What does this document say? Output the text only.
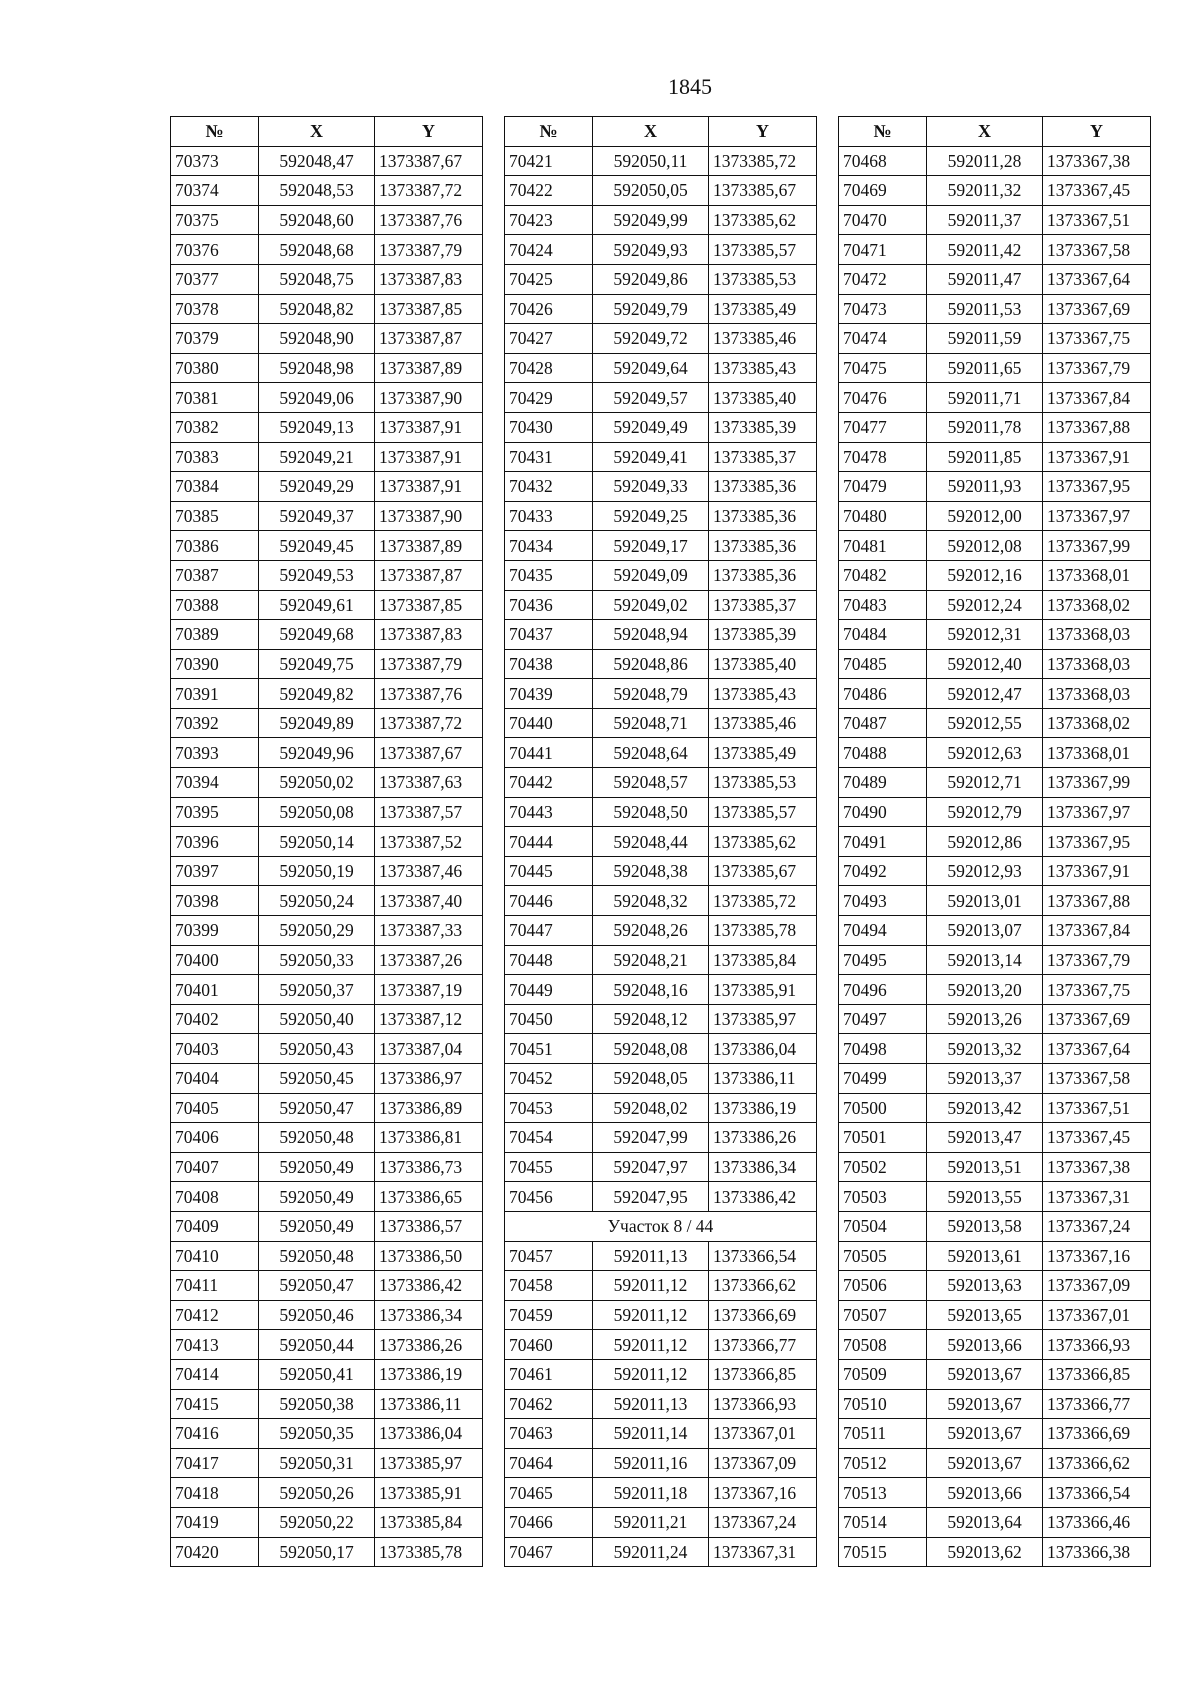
1845
№	X	Y
70373	592048,47	1373387,67
70374	592048,53	1373387,72
70375	592048,60	1373387,76
70376	592048,68	1373387,79
70377	592048,75	1373387,83
70378	592048,82	1373387,85
70379	592048,90	1373387,87
70380	592048,98	1373387,89
70381	592049,06	1373387,90
70382	592049,13	1373387,91
70383	592049,21	1373387,91
70384	592049,29	1373387,91
70385	592049,37	1373387,90
70386	592049,45	1373387,89
70387	592049,53	1373387,87
70388	592049,61	1373387,85
70389	592049,68	1373387,83
70390	592049,75	1373387,79
70391	592049,82	1373387,76
70392	592049,89	1373387,72
70393	592049,96	1373387,67
70394	592050,02	1373387,63
70395	592050,08	1373387,57
70396	592050,14	1373387,52
70397	592050,19	1373387,46
70398	592050,24	1373387,40
70399	592050,29	1373387,33
70400	592050,33	1373387,26
70401	592050,37	1373387,19
70402	592050,40	1373387,12
70403	592050,43	1373387,04
70404	592050,45	1373386,97
70405	592050,47	1373386,89
70406	592050,48	1373386,81
70407	592050,49	1373386,73
70408	592050,49	1373386,65
70409	592050,49	1373386,57
70410	592050,48	1373386,50
70411	592050,47	1373386,42
70412	592050,46	1373386,34
70413	592050,44	1373386,26
70414	592050,41	1373386,19
70415	592050,38	1373386,11
70416	592050,35	1373386,04
70417	592050,31	1373385,97
70418	592050,26	1373385,91
70419	592050,22	1373385,84
70420	592050,17	1373385,78
№	X	Y
70421	592050,11	1373385,72
70422	592050,05	1373385,67
70423	592049,99	1373385,62
70424	592049,93	1373385,57
70425	592049,86	1373385,53
70426	592049,79	1373385,49
70427	592049,72	1373385,46
70428	592049,64	1373385,43
70429	592049,57	1373385,40
70430	592049,49	1373385,39
70431	592049,41	1373385,37
70432	592049,33	1373385,36
70433	592049,25	1373385,36
70434	592049,17	1373385,36
70435	592049,09	1373385,36
70436	592049,02	1373385,37
70437	592048,94	1373385,39
70438	592048,86	1373385,40
70439	592048,79	1373385,43
70440	592048,71	1373385,46
70441	592048,64	1373385,49
70442	592048,57	1373385,53
70443	592048,50	1373385,57
70444	592048,44	1373385,62
70445	592048,38	1373385,67
70446	592048,32	1373385,72
70447	592048,26	1373385,78
70448	592048,21	1373385,84
70449	592048,16	1373385,91
70450	592048,12	1373385,97
70451	592048,08	1373386,04
70452	592048,05	1373386,11
70453	592048,02	1373386,19
70454	592047,99	1373386,26
70455	592047,97	1373386,34
70456	592047,95	1373386,42
Участок 8 / 44		
70457	592011,13	1373366,54
70458	592011,12	1373366,62
70459	592011,12	1373366,69
70460	592011,12	1373366,77
70461	592011,12	1373366,85
70462	592011,13	1373366,93
70463	592011,14	1373367,01
70464	592011,16	1373367,09
70465	592011,18	1373367,16
70466	592011,21	1373367,24
70467	592011,24	1373367,31
№	X	Y
70468	592011,28	1373367,38
70469	592011,32	1373367,45
70470	592011,37	1373367,51
70471	592011,42	1373367,58
70472	592011,47	1373367,64
70473	592011,53	1373367,69
70474	592011,59	1373367,75
70475	592011,65	1373367,79
70476	592011,71	1373367,84
70477	592011,78	1373367,88
70478	592011,85	1373367,91
70479	592011,93	1373367,95
70480	592012,00	1373367,97
70481	592012,08	1373367,99
70482	592012,16	1373368,01
70483	592012,24	1373368,02
70484	592012,31	1373368,03
70485	592012,40	1373368,03
70486	592012,47	1373368,03
70487	592012,55	1373368,02
70488	592012,63	1373368,01
70489	592012,71	1373367,99
70490	592012,79	1373367,97
70491	592012,86	1373367,95
70492	592012,93	1373367,91
70493	592013,01	1373367,88
70494	592013,07	1373367,84
70495	592013,14	1373367,79
70496	592013,20	1373367,75
70497	592013,26	1373367,69
70498	592013,32	1373367,64
70499	592013,37	1373367,58
70500	592013,42	1373367,51
70501	592013,47	1373367,45
70502	592013,51	1373367,38
70503	592013,55	1373367,31
70504	592013,58	1373367,24
70505	592013,61	1373367,16
70506	592013,63	1373367,09
70507	592013,65	1373367,01
70508	592013,66	1373366,93
70509	592013,67	1373366,85
70510	592013,67	1373366,77
70511	592013,67	1373366,69
70512	592013,67	1373366,62
70513	592013,66	1373366,54
70514	592013,64	1373366,46
70515	592013,62	1373366,38
